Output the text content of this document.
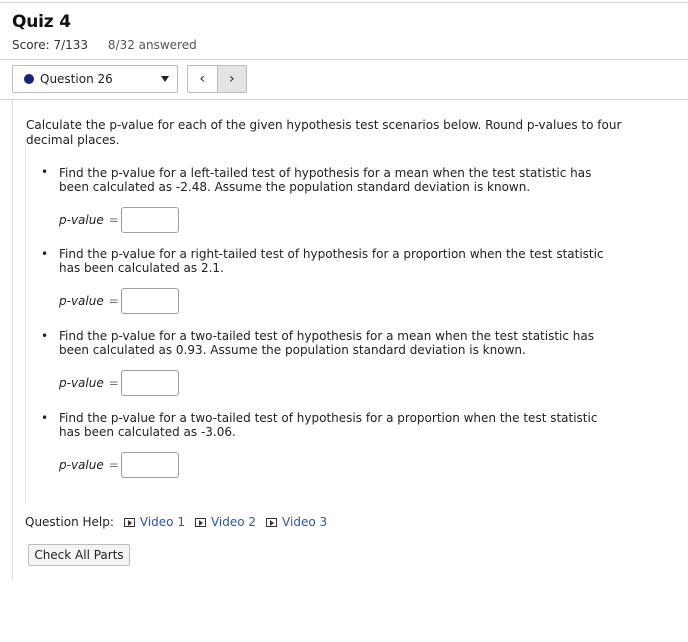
Quiz 4
Score: 7/133 8/32 answered
Question 26	‹	›
Calculate the p-value for each of the given hypothesis test scenarios below. Round p-values to four decimal places.
• Find the p-value for a left-tailed test of hypothesis for a mean when the test statistic has been calculated as -2.48. Assume the population standard deviation is known.
p-value =
• Find the p-value for a right-tailed test of hypothesis for a proportion when the test statistic has been calculated as 2.1.
p-value =
• Find the p-value for a two-tailed test of hypothesis for a mean when the test statistic has been calculated as 0.93. Assume the population standard deviation is known.
p-value =
• Find the p-value for a two-tailed test of hypothesis for a proportion when the test statistic has been calculated as -3.06.
p-value =
Question Help: Video 1 Video 2 Video 3
Check All Parts
